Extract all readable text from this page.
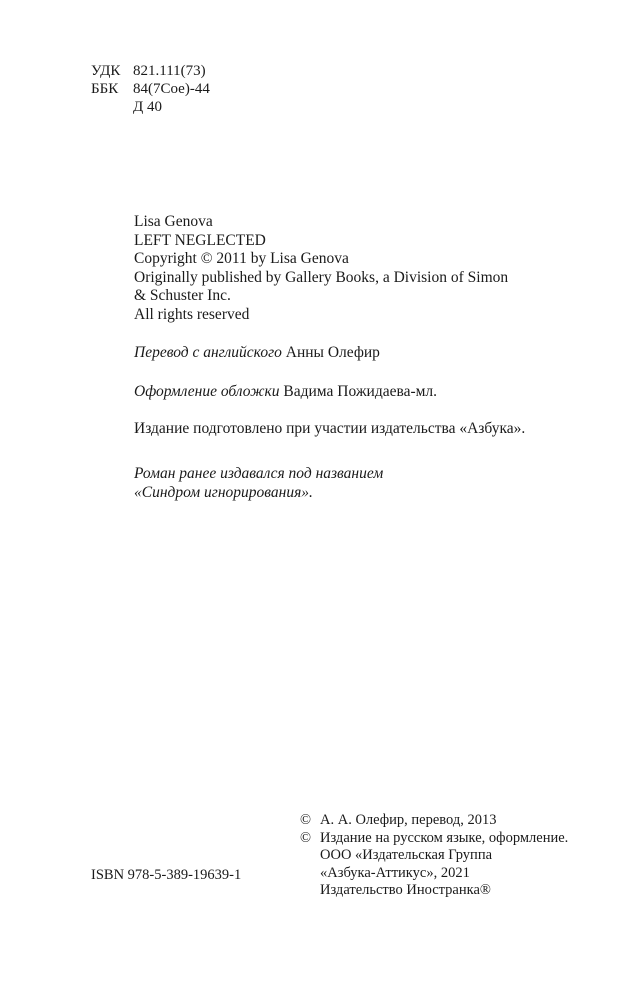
УДК 821.111(73)
ББК 84(7Сое)-44
Д 40
Lisa Genova
LEFT NEGLECTED
Copyright © 2011 by Lisa Genova
Originally published by Gallery Books, a Division of Simon
& Schuster Inc.
All rights reserved
Перевод с английского Анны Олефир
Оформление обложки Вадима Пожидаева-мл.
Издание подготовлено при участии издательства «Азбука».
Роман ранее издавался под названием
«Синдром игнорирования».
© А. А. Олефир, перевод, 2013
© Издание на русском языке, оформление.
ООО «Издательская Группа
«Азбука-Аттикус», 2021
Издательство Иностранка®
ISBN 978-5-389-19639-1
